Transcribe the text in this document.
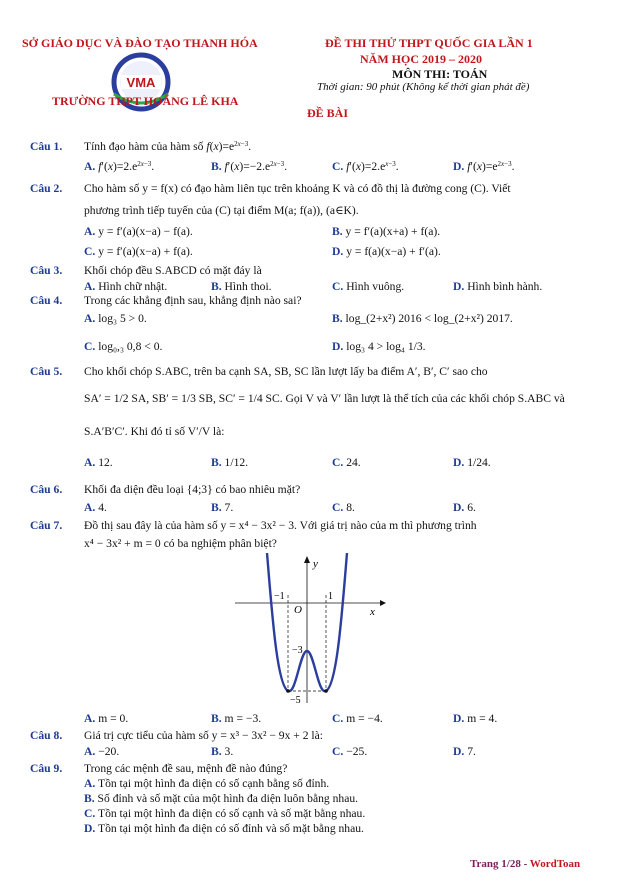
SỞ GIÁO DỤC VÀ ĐÀO TẠO THANH HÓA	ĐỀ THI THỬ THPT QUỐC GIA LẦN 1
NĂM HỌC 2019 – 2020
MÔN THI: TOÁN
Thời gian: 90 phút (Không kể thời gian phát đề)
VMA
TRƯỜNG THPT HOẰNG LÊ KHA
ĐỀ BÀI
Câu 1. Tính đạo hàm của hàm số $f(x)=e^{2x-3}$.
A. $f'(x)=2.e^{2x-3}$.	B. $f'(x)=-2.e^{2x-3}$.	C. $f'(x)=2.e^{x-3}$.	D. $f'(x)=e^{2x-3}$.
Câu 2. Cho hàm số y = f(x) có đạo hàm liên tục trên khoảng K và có đồ thị là đường cong (C). Viết
phương trình tiếp tuyến của (C) tại điểm M(a; f(a)), (a∈K).
A. y = f′(a)(x−a) − f(a).	B. y = f′(a)(x+a) + f(a).
C. y = f′(a)(x−a) + f(a).	D. y = f(a)(x−a) + f′(a).
Câu 3. Khối chóp đều S.ABCD có mặt đáy là
A. Hình chữ nhật.	B. Hình thoi.	C. Hình vuông.	D. Hình bình hành.
Câu 4. Trong các khẳng định sau, khẳng định nào sai?
A. log₃ 5 > 0.	B. log_(2+x²) 2016 < log_(2+x²) 2017.
C. log₀,₃ 0,8 < 0.	D. log₃ 4 > log₄ 1/3.
Câu 5. Cho khối chóp S.ABC, trên ba cạnh SA, SB, SC lần lượt lấy ba điểm A′, B′, C′ sao cho
SA′ = 1/2 SA, SB′ = 1/3 SB, SC′ = 1/4 SC. Gọi V và V′ lần lượt là thể tích của các khối chóp S.ABC và
S.A′B′C′. Khi đó tỉ số V′/V là:
A. 12.	B. 1/12.	C. 24.	D. 1/24.
Câu 6. Khối đa diện đều loại {4;3} có bao nhiêu mặt?
A. 4.	B. 7.	C. 8.	D. 6.
Câu 7. Đồ thị sau đây là của hàm số y = x⁴ − 3x² − 3. Với giá trị nào của m thì phương trình
x⁴ − 3x² + m = 0 có ba nghiệm phân biệt?
y
x
O
−1	1
−3
−5
A. m = 0.	B. m = −3.	C. m = −4.	D. m = 4.
Câu 8. Giá trị cực tiểu của hàm số y = x³ − 3x² − 9x + 2 là:
A. −20.	B. 3.	C. −25.	D. 7.
Câu 9. Trong các mệnh đề sau, mệnh đề nào đúng?
A. Tồn tại một hình đa diện có số cạnh bằng số đỉnh.
B. Số đỉnh và số mặt của một hình đa diện luôn bằng nhau.
C. Tồn tại một hình đa diện có số cạnh và số mặt bằng nhau.
D. Tồn tại một hình đa diện có số đỉnh và số mặt bằng nhau.
Trang 1/28 - WordToan
